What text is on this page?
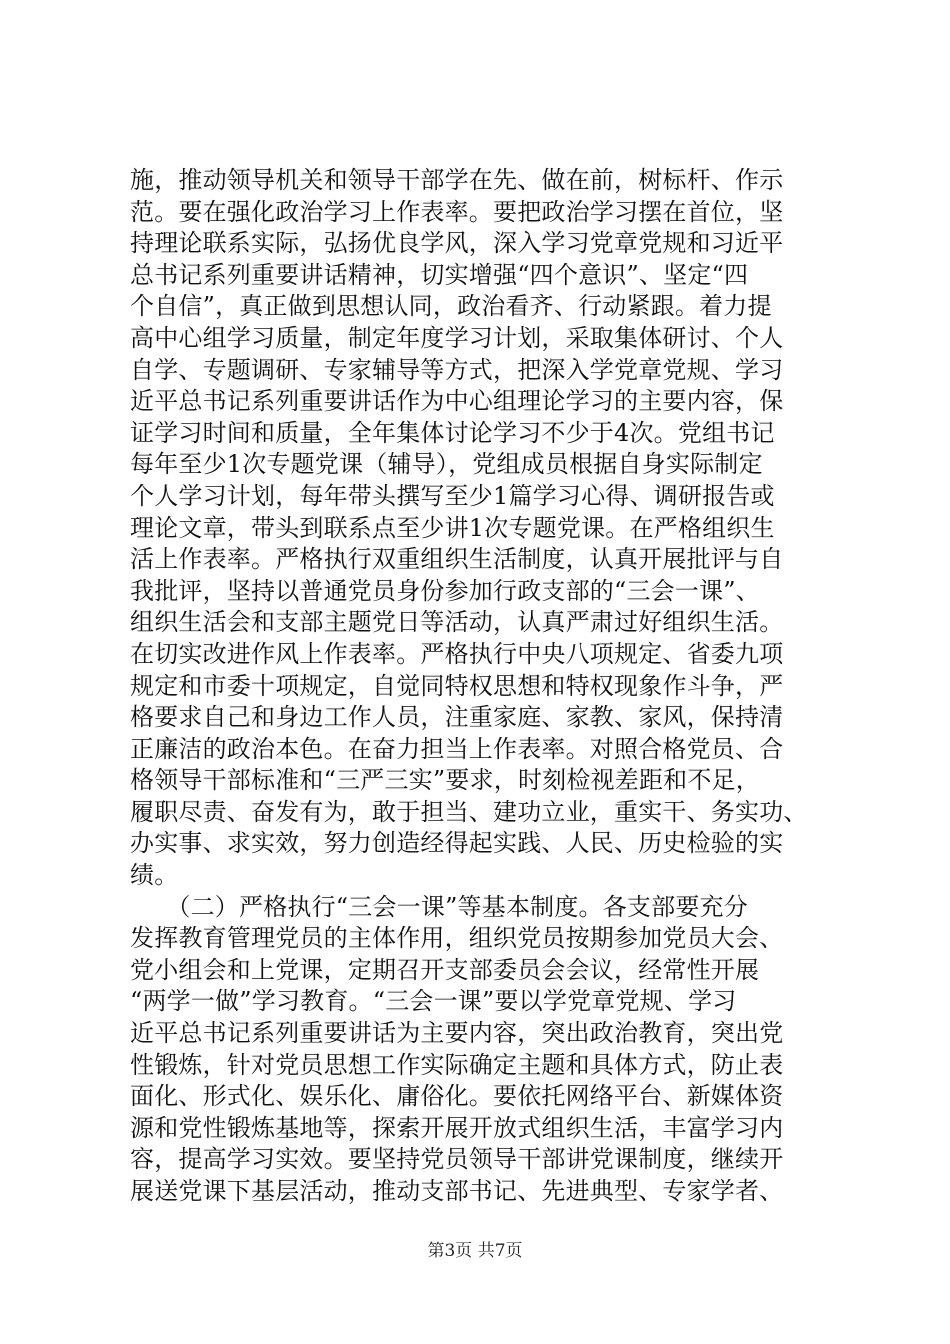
施，推动领导机关和领导干部学在先、做在前，树标杆、作示
范。要在强化政治学习上作表率。要把政治学习摆在首位，坚
持理论联系实际，弘扬优良学风，深入学习党章党规和习近平
总书记系列重要讲话精神，切实增强“四个意识”、坚定“四
个自信”，真正做到思想认同，政治看齐、行动紧跟。着力提
高中心组学习质量，制定年度学习计划，采取集体研讨、个人
自学、专题调研、专家辅导等方式，把深入学党章党规、学习
近平总书记系列重要讲话作为中心组理论学习的主要内容，保
证学习时间和质量，全年集体讨论学习不少于4次。党组书记
每年至少1次专题党课（辅导），党组成员根据自身实际制定
个人学习计划，每年带头撰写至少1篇学习心得、调研报告或
理论文章，带头到联系点至少讲1次专题党课。在严格组织生
活上作表率。严格执行双重组织生活制度，认真开展批评与自
我批评，坚持以普通党员身份参加行政支部的“三会一课”、
组织生活会和支部主题党日等活动，认真严肃过好组织生活。
在切实改进作风上作表率。严格执行中央八项规定、省委九项
规定和市委十项规定，自觉同特权思想和特权现象作斗争，严
格要求自己和身边工作人员，注重家庭、家教、家风，保持清
正廉洁的政治本色。在奋力担当上作表率。对照合格党员、合
格领导干部标准和“三严三实”要求，时刻检视差距和不足，
履职尽责、奋发有为，敢于担当、建功立业，重实干、务实功、
办实事、求实效，努力创造经得起实践、人民、历史检验的实
绩。
　　（二）严格执行“三会一课”等基本制度。各支部要充分
发挥教育管理党员的主体作用，组织党员按期参加党员大会、
党小组会和上党课，定期召开支部委员会会议，经常性开展
“两学一做”学习教育。“三会一课”要以学党章党规、学习
近平总书记系列重要讲话为主要内容，突出政治教育，突出党
性锻炼，针对党员思想工作实际确定主题和具体方式，防止表
面化、形式化、娱乐化、庸俗化。要依托网络平台、新媒体资
源和党性锻炼基地等，探索开展开放式组织生活，丰富学习内
容，提高学习实效。要坚持党员领导干部讲党课制度，继续开
展送党课下基层活动，推动支部书记、先进典型、专家学者、
第3页 共7页
